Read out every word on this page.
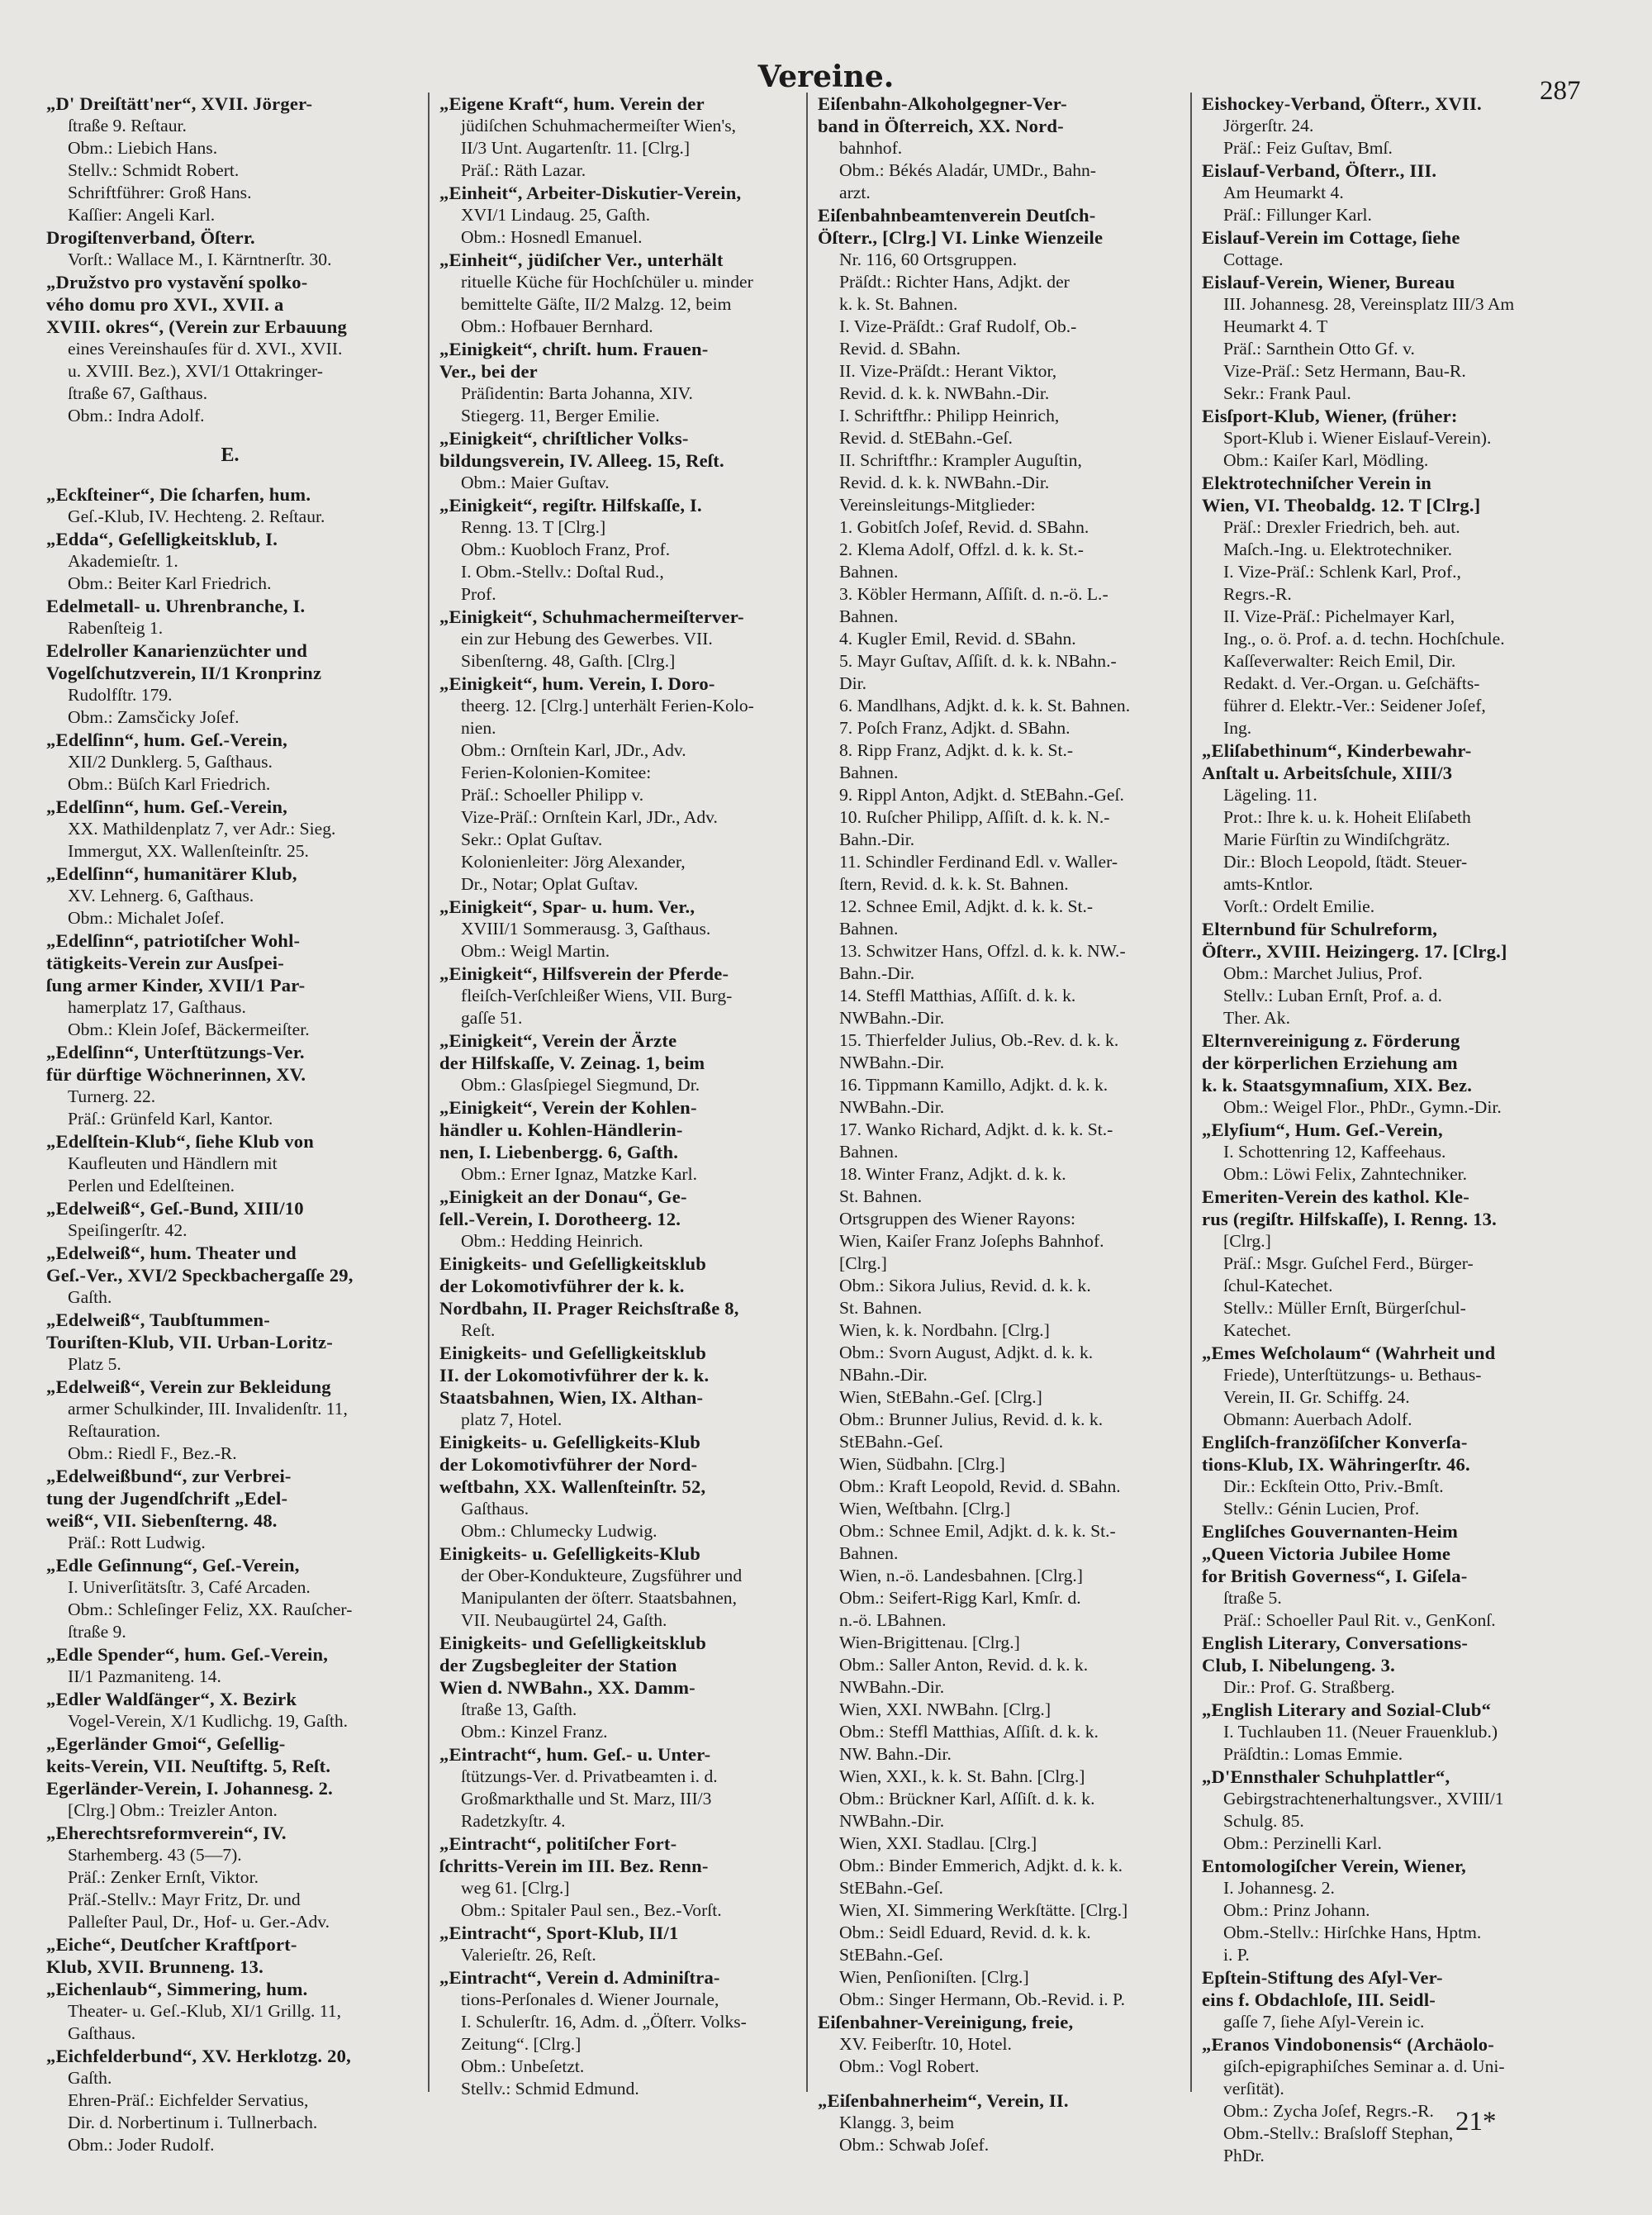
Vereine.	287
„D' Dreiſtätt'ner“, XVII. Jörger-
ſtraße 9. Reſtaur.
Obm.: Liebich Hans.
Stellv.: Schmidt Robert.
Schriftführer: Groß Hans.
Kaſſier: Angeli Karl.
Drogiſtenverband, Öſterr.
Vorſt.: Wallace M., I. Kärntnerſtr. 30.
„Družstvo pro vystavění spolko-
vého domu pro XVI., XVII. a
XVIII. okres“, (Verein zur Erbauung
eines Vereinshauſes für d. XVI., XVII.
u. XVIII. Bez.), XVI/1 Ottakringer-
ſtraße 67, Gaſthaus.
Obm.: Indra Adolf.
E.
„Eckſteiner“, Die ſcharfen, hum.
Geſ.-Klub, IV. Hechteng. 2. Reſtaur.
„Edda“, Geſelligkeitsklub, I.
Akademieſtr. 1.
Obm.: Beiter Karl Friedrich.
Edelmetall- u. Uhrenbranche, I.
Rabenſteig 1.
Edelroller Kanarienzüchter und
Vogelſchutzverein, II/1 Kronprinz
Rudolfſtr. 179.
Obm.: Zamsčicky Joſef.
„Edelſinn“, hum. Geſ.-Verein,
XII/2 Dunklerg. 5, Gaſthaus.
Obm.: Büſch Karl Friedrich.
„Edelſinn“, hum. Geſ.-Verein,
XX. Mathildenplatz 7, ver Adr.: Sieg.
Immergut, XX. Wallenſteinſtr. 25.
„Edelſinn“, humanitärer Klub,
XV. Lehnerg. 6, Gaſthaus.
Obm.: Michalet Joſef.
„Edelſinn“, patriotiſcher Wohl-
tätigkeits-Verein zur Ausſpei-
ſung armer Kinder, XVII/1 Par-
hamerplatz 17, Gaſthaus.
Obm.: Klein Joſef, Bäckermeiſter.
„Edelſinn“, Unterſtützungs-Ver.
für dürftige Wöchnerinnen, XV.
Turnerg. 22.
Präſ.: Grünfeld Karl, Kantor.
„Edelſtein-Klub“, ſiehe Klub von
Kaufleuten und Händlern mit
Perlen und Edelſteinen.
„Edelweiß“, Geſ.-Bund, XIII/10
Speiſingerſtr. 42.
„Edelweiß“, hum. Theater und
Geſ.-Ver., XVI/2 Speckbachergaſſe 29,
Gaſth.
„Edelweiß“, Taubſtummen-
Touriſten-Klub, VII. Urban-Loritz-
Platz 5.
„Edelweiß“, Verein zur Bekleidung
armer Schulkinder, III. Invalidenſtr. 11,
Reſtauration.
Obm.: Riedl F., Bez.-R.
„Edelweißbund“, zur Verbrei-
tung der Jugendſchrift „Edel-
weiß“, VII. Siebenſterng. 48.
Präſ.: Rott Ludwig.
„Edle Geſinnung“, Geſ.-Verein,
I. Univerſitätsſtr. 3, Café Arcaden.
Obm.: Schleſinger Feliz, XX. Rauſcher-
ſtraße 9.
„Edle Spender“, hum. Geſ.-Verein,
II/1 Pazmaniteng. 14.
„Edler Waldſänger“, X. Bezirk
Vogel-Verein, X/1 Kudlichg. 19, Gaſth.
„Egerländer Gmoi“, Geſellig-
keits-Verein, VII. Neuſtiftg. 5, Reſt.
Egerländer-Verein, I. Johannesg. 2.
[Clrg.] Obm.: Treizler Anton.
„Eherechtsreformverein“, IV.
Starhemberg. 43 (5—7).
Präſ.: Zenker Ernſt, Viktor.
Präſ.-Stellv.: Mayr Fritz, Dr. und
Palleſter Paul, Dr., Hof- u. Ger.-Adv.
„Eiche“, Deutſcher Kraftſport-
Klub, XVII. Brunneng. 13.
„Eichenlaub“, Simmering, hum.
Theater- u. Geſ.-Klub, XI/1 Grillg. 11,
Gaſthaus.
„Eichfelderbund“, XV. Herklotzg. 20,
Gaſth.
Ehren-Präſ.: Eichfelder Servatius,
Dir. d. Norbertinum i. Tullnerbach.
Obm.: Joder Rudolf.
„Eigene Kraft“, hum. Verein der
jüdiſchen Schuhmachermeiſter Wien's,
II/3 Unt. Augartenſtr. 11. [Clrg.]
Präſ.: Räth Lazar.
„Einheit“, Arbeiter-Diskutier-Verein,
XVI/1 Lindaug. 25, Gaſth.
Obm.: Hosnedl Emanuel.
„Einheit“, jüdiſcher Ver., unterhält
rituelle Küche für Hochſchüler u. minder
bemittelte Gäſte, II/2 Malzg. 12, beim
Obm.: Hofbauer Bernhard.
„Einigkeit“, chriſt. hum. Frauen-
Ver., bei der
Präſidentin: Barta Johanna, XIV.
Stiegerg. 11, Berger Emilie.
„Einigkeit“, chriſtlicher Volks-
bildungsverein, IV. Alleeg. 15, Reſt.
Obm.: Maier Guſtav.
„Einigkeit“, regiſtr. Hilfskaſſe, I.
Renng. 13. T [Clrg.]
Obm.: Kuobloch Franz, Prof.
I. Obm.-Stellv.: Doſtal Rud.,
Prof.
„Einigkeit“, Schuhmachermeiſterver-
ein zur Hebung des Gewerbes. VII.
Sibenſterng. 48, Gaſth. [Clrg.]
„Einigkeit“, hum. Verein, I. Doro-
theerg. 12. [Clrg.] unterhält Ferien-Kolo-
nien.
Obm.: Ornſtein Karl, JDr., Adv.
Ferien-Kolonien-Komitee:
Präſ.: Schoeller Philipp v.
Vize-Präſ.: Ornſtein Karl, JDr., Adv.
Sekr.: Oplat Guſtav.
Kolonienleiter: Jörg Alexander,
Dr., Notar; Oplat Guſtav.
„Einigkeit“, Spar- u. hum. Ver.,
XVIII/1 Sommerausg. 3, Gaſthaus.
Obm.: Weigl Martin.
„Einigkeit“, Hilfsverein der Pferde-
fleiſch-Verſchleißer Wiens, VII. Burg-
gaſſe 51.
„Einigkeit“, Verein der Ärzte
der Hilfskaſſe, V. Zeinag. 1, beim
Obm.: Glasſpiegel Siegmund, Dr.
„Einigkeit“, Verein der Kohlen-
händler u. Kohlen-Händlerin-
nen, I. Liebenbergg. 6, Gaſth.
Obm.: Erner Ignaz, Matzke Karl.
„Einigkeit an der Donau“, Ge-
ſell.-Verein, I. Dorotheerg. 12.
Obm.: Hedding Heinrich.
Einigkeits- und Geſelligkeitsklub
der Lokomotivführer der k. k.
Nordbahn, II. Prager Reichsſtraße 8,
Reſt.
Einigkeits- und Geſelligkeitsklub
II. der Lokomotivführer der k. k.
Staatsbahnen, Wien, IX. Althan-
platz 7, Hotel.
Einigkeits- u. Geſelligkeits-Klub
der Lokomotivführer der Nord-
weſtbahn, XX. Wallenſteinſtr. 52,
Gaſthaus.
Obm.: Chlumecky Ludwig.
Einigkeits- u. Geſelligkeits-Klub
der Ober-Kondukteure, Zugsführer und
Manipulanten der öſterr. Staatsbahnen,
VII. Neubaugürtel 24, Gaſth.
Einigkeits- und Geſelligkeitsklub
der Zugsbegleiter der Station
Wien d. NWBahn., XX. Damm-
ſtraße 13, Gaſth.
Obm.: Kinzel Franz.
„Eintracht“, hum. Geſ.- u. Unter-
ſtützungs-Ver. d. Privatbeamten i. d.
Großmarkthalle und St. Marz, III/3
Radetzkyſtr. 4.
„Eintracht“, politiſcher Fort-
ſchritts-Verein im III. Bez. Renn-
weg 61. [Clrg.]
Obm.: Spitaler Paul sen., Bez.-Vorſt.
„Eintracht“, Sport-Klub, II/1
Valerieſtr. 26, Reſt.
„Eintracht“, Verein d. Adminiſtra-
tions-Perſonales d. Wiener Journale,
I. Schulerſtr. 16, Adm. d. „Öſterr. Volks-
Zeitung“. [Clrg.]
Obm.: Unbeſetzt.
Stellv.: Schmid Edmund.
Eiſenbahn-Alkoholgegner-Ver-
band in Öſterreich, XX. Nord-
bahnhof.
Obm.: Békés Aladár, UMDr., Bahn-
arzt.
Eiſenbahnbeamtenverein Deutſch-
Öſterr., [Clrg.] VI. Linke Wienzeile
Nr. 116, 60 Ortsgruppen.
Präſdt.: Richter Hans, Adjkt. der
k. k. St. Bahnen.
I. Vize-Präſdt.: Graf Rudolf, Ob.-
Revid. d. SBahn.
II. Vize-Präſdt.: Herant Viktor,
Revid. d. k. k. NWBahn.-Dir.
I. Schriftfhr.: Philipp Heinrich,
Revid. d. StEBahn.-Geſ.
II. Schriftfhr.: Krampler Auguſtin,
Revid. d. k. k. NWBahn.-Dir.
Vereinsleitungs-Mitglieder:
1. Gobitſch Joſef, Revid. d. SBahn.
2. Klema Adolf, Offzl. d. k. k. St.-
Bahnen.
3. Köbler Hermann, Aſſiſt. d. n.-ö. L.-
Bahnen.
4. Kugler Emil, Revid. d. SBahn.
5. Mayr Guſtav, Aſſiſt. d. k. k. NBahn.-
Dir.
6. Mandlhans, Adjkt. d. k. k. St. Bahnen.
7. Poſch Franz, Adjkt. d. SBahn.
8. Ripp Franz, Adjkt. d. k. k. St.-
Bahnen.
9. Rippl Anton, Adjkt. d. StEBahn.-Geſ.
10. Ruſcher Philipp, Aſſiſt. d. k. k. N.-
Bahn.-Dir.
11. Schindler Ferdinand Edl. v. Waller-
ſtern, Revid. d. k. k. St. Bahnen.
12. Schnee Emil, Adjkt. d. k. k. St.-
Bahnen.
13. Schwitzer Hans, Offzl. d. k. k. NW.-
Bahn.-Dir.
14. Steffl Matthias, Aſſiſt. d. k. k.
NWBahn.-Dir.
15. Thierfelder Julius, Ob.-Rev. d. k. k.
NWBahn.-Dir.
16. Tippmann Kamillo, Adjkt. d. k. k.
NWBahn.-Dir.
17. Wanko Richard, Adjkt. d. k. k. St.-
Bahnen.
18. Winter Franz, Adjkt. d. k. k.
St. Bahnen.
Ortsgruppen des Wiener Rayons:
Wien, Kaiſer Franz Joſephs Bahnhof.
[Clrg.]
Obm.: Sikora Julius, Revid. d. k. k.
St. Bahnen.
Wien, k. k. Nordbahn. [Clrg.]
Obm.: Svorn August, Adjkt. d. k. k.
NBahn.-Dir.
Wien, StEBahn.-Geſ. [Clrg.]
Obm.: Brunner Julius, Revid. d. k. k.
StEBahn.-Geſ.
Wien, Südbahn. [Clrg.]
Obm.: Kraft Leopold, Revid. d. SBahn.
Wien, Weſtbahn. [Clrg.]
Obm.: Schnee Emil, Adjkt. d. k. k. St.-
Bahnen.
Wien, n.-ö. Landesbahnen. [Clrg.]
Obm.: Seifert-Rigg Karl, Kmſr. d.
n.-ö. LBahnen.
Wien-Brigittenau. [Clrg.]
Obm.: Saller Anton, Revid. d. k. k.
NWBahn.-Dir.
Wien, XXI. NWBahn. [Clrg.]
Obm.: Steffl Matthias, Aſſiſt. d. k. k.
NW. Bahn.-Dir.
Wien, XXI., k. k. St. Bahn. [Clrg.]
Obm.: Brückner Karl, Aſſiſt. d. k. k.
NWBahn.-Dir.
Wien, XXI. Stadlau. [Clrg.]
Obm.: Binder Emmerich, Adjkt. d. k. k.
StEBahn.-Geſ.
Wien, XI. Simmering Werkſtätte. [Clrg.]
Obm.: Seidl Eduard, Revid. d. k. k.
StEBahn.-Geſ.
Wien, Penſioniſten. [Clrg.]
Obm.: Singer Hermann, Ob.-Revid. i. P.
Eiſenbahner-Vereinigung, freie,
XV. Feiberſtr. 10, Hotel.
Obm.: Vogl Robert.
„Eiſenbahnerheim“, Verein, II.
Klangg. 3, beim
Obm.: Schwab Joſef.
Eishockey-Verband, Öſterr., XVII.
Jörgerſtr. 24.
Präſ.: Feiz Guſtav, Bmſ.
Eislauf-Verband, Öſterr., III.
Am Heumarkt 4.
Präſ.: Fillunger Karl.
Eislauf-Verein im Cottage, ſiehe
Cottage.
Eislauf-Verein, Wiener, Bureau
III. Johannesg. 28, Vereinsplatz III/3 Am
Heumarkt 4. T
Präſ.: Sarnthein Otto Gf. v.
Vize-Präſ.: Setz Hermann, Bau-R.
Sekr.: Frank Paul.
Eisſport-Klub, Wiener, (früher:
Sport-Klub i. Wiener Eislauf-Verein).
Obm.: Kaiſer Karl, Mödling.
Elektrotechniſcher Verein in
Wien, VI. Theobaldg. 12. T [Clrg.]
Präſ.: Drexler Friedrich, beh. aut.
Maſch.-Ing. u. Elektrotechniker.
I. Vize-Präſ.: Schlenk Karl, Prof.,
Regrs.-R.
II. Vize-Präſ.: Pichelmayer Karl,
Ing., o. ö. Prof. a. d. techn. Hochſchule.
Kaſſeverwalter: Reich Emil, Dir.
Redakt. d. Ver.-Organ. u. Geſchäfts-
führer d. Elektr.-Ver.: Seidener Joſef,
Ing.
„Eliſabethinum“, Kinderbewahr-
Anſtalt u. Arbeitsſchule, XIII/3
Lägeling. 11.
Prot.: Ihre k. u. k. Hoheit Eliſabeth
Marie Fürſtin zu Windiſchgrätz.
Dir.: Bloch Leopold, ſtädt. Steuer-
amts-Kntlor.
Vorſt.: Ordelt Emilie.
Elternbund für Schulreform,
Öſterr., XVIII. Heizingerg. 17. [Clrg.]
Obm.: Marchet Julius, Prof.
Stellv.: Luban Ernſt, Prof. a. d.
Ther. Ak.
Elternvereinigung z. Förderung
der körperlichen Erziehung am
k. k. Staatsgymnaſium, XIX. Bez.
Obm.: Weigel Flor., PhDr., Gymn.-Dir.
„Elyſium“, Hum. Geſ.-Verein,
I. Schottenring 12, Kaffeehaus.
Obm.: Löwi Felix, Zahntechniker.
Emeriten-Verein des kathol. Kle-
rus (regiſtr. Hilfskaſſe), I. Renng. 13.
[Clrg.]
Präſ.: Msgr. Guſchel Ferd., Bürger-
ſchul-Katechet.
Stellv.: Müller Ernſt, Bürgerſchul-
Katechet.
„Emes Weſcholaum“ (Wahrheit und
Friede), Unterſtützungs- u. Bethaus-
Verein, II. Gr. Schiffg. 24.
Obmann: Auerbach Adolf.
Engliſch-franzöſiſcher Konverſa-
tions-Klub, IX. Währingerſtr. 46.
Dir.: Eckſtein Otto, Priv.-Bmſt.
Stellv.: Génin Lucien, Prof.
Engliſches Gouvernanten-Heim
„Queen Victoria Jubilee Home
for British Governess“, I. Giſela-
ſtraße 5.
Präſ.: Schoeller Paul Rit. v., GenKonſ.
English Literary, Conversations-
Club, I. Nibelungeng. 3.
Dir.: Prof. G. Straßberg.
„English Literary and Sozial-Club“
I. Tuchlauben 11. (Neuer Frauenklub.)
Präſdtin.: Lomas Emmie.
„D'Ennsthaler Schuhplattler“,
Gebirgstrachtenerhaltungsver., XVIII/1
Schulg. 85.
Obm.: Perzinelli Karl.
Entomologiſcher Verein, Wiener,
I. Johannesg. 2.
Obm.: Prinz Johann.
Obm.-Stellv.: Hirſchke Hans, Hptm.
i. P.
Epſtein-Stiftung des Aſyl-Ver-
eins f. Obdachloſe, III. Seidl-
gaſſe 7, ſiehe Aſyl-Verein ic.
„Eranos Vindobonensis“ (Archäolo-
giſch-epigraphiſches Seminar a. d. Uni-
verſität).
Obm.: Zycha Joſef, Regrs.-R.
Obm.-Stellv.: Braſsloff Stephan,
PhDr.
21*
